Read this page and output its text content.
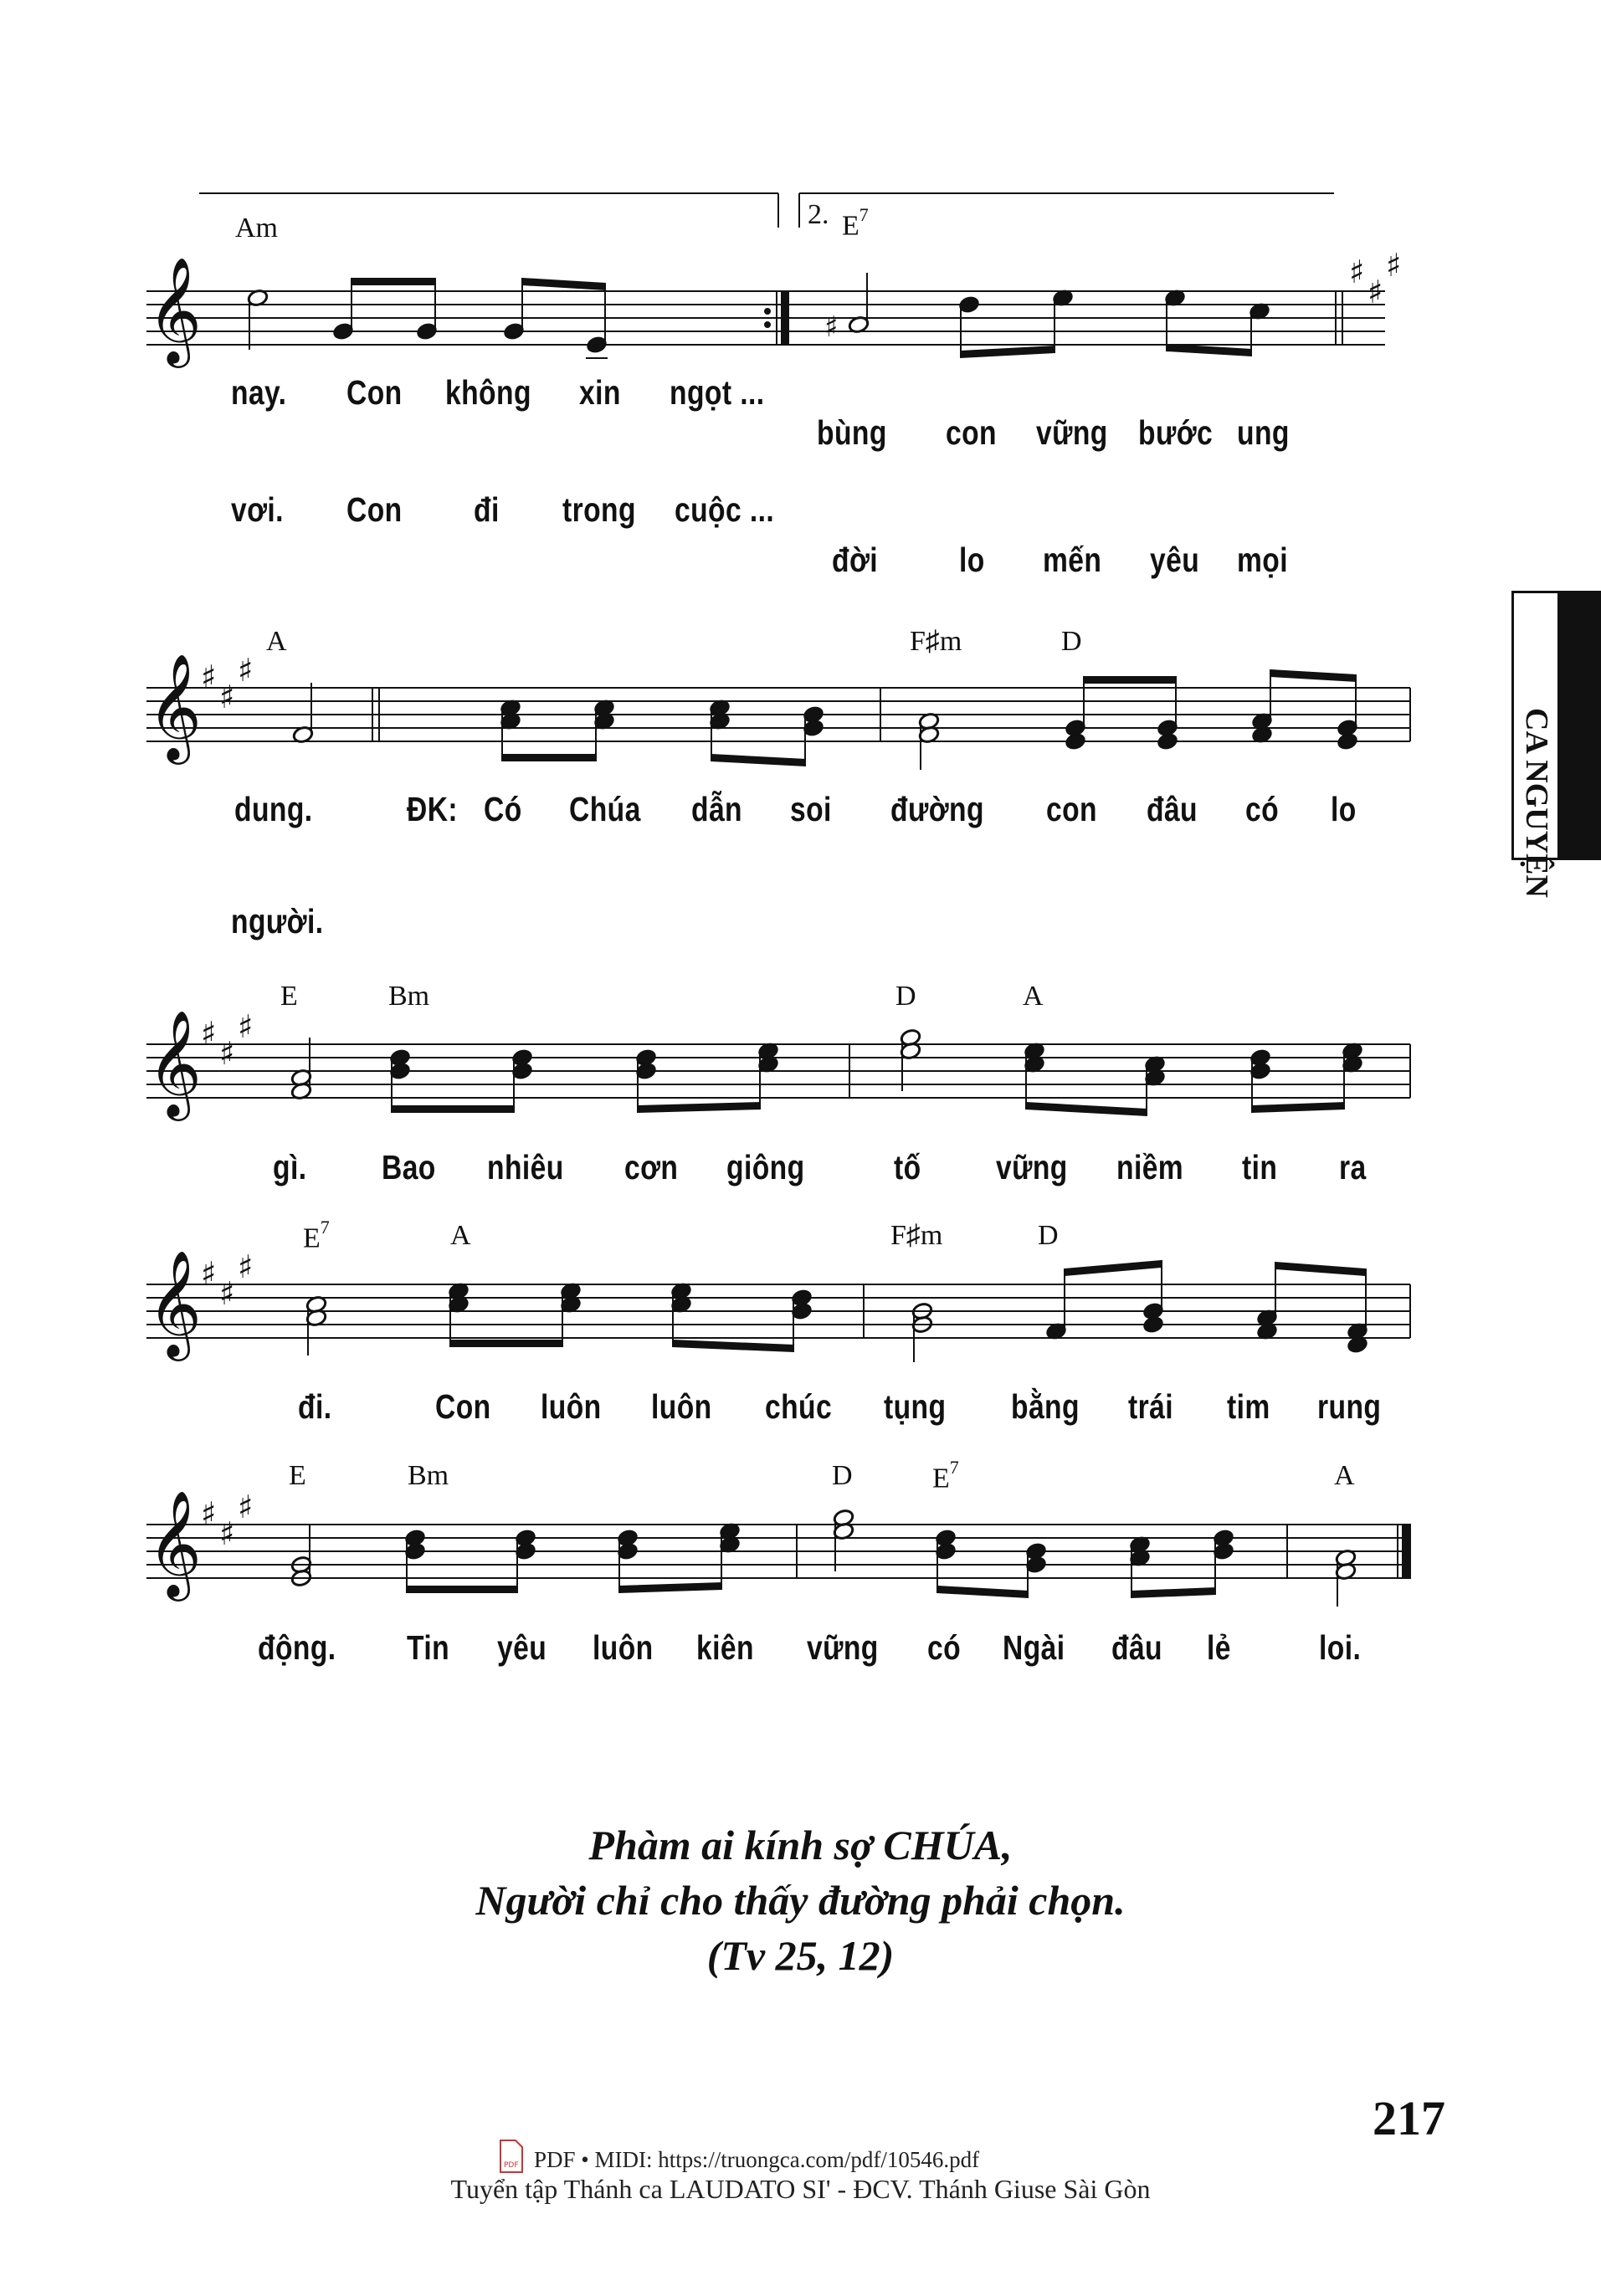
𝄞
𝄞
𝄞
𝄞
𝄞
♯
♯
♯
♯
♯
♯
♯
♯
♯
♯
♯
♯
♯
♯
♯
♯
Am	2. $E^7$
A	F♯m	D
E	Bm	D	A
$E^7$	A	F♯m	D
E	Bm	D	$E^7$	A
nay. Con không xin ngọt ...
bùng con vững bước ung
vơi. Con đi trong cuộc ...
đời lo mến yêu mọi
dung.	ĐK: Có Chúa dẫn soi đường con đâu có lo
người.
gì. Bao nhiêu cơn giông	tố vững niềm tin ra
đi.	Con luôn luôn chúc tụng bằng trái tim rung
động. Tin yêu luôn kiên vững có Ngài đâu lẻ	loi.
Phàm ai kính sợ CHÚA,
Người chỉ cho thấy đường phải chọn.
(Tv 25, 12)
217
PDF PDF • MIDI: https://truongca.com/pdf/10546.pdf
Tuyển tập Thánh ca LAUDATO SI' - ĐCV. Thánh Giuse Sài Gòn
